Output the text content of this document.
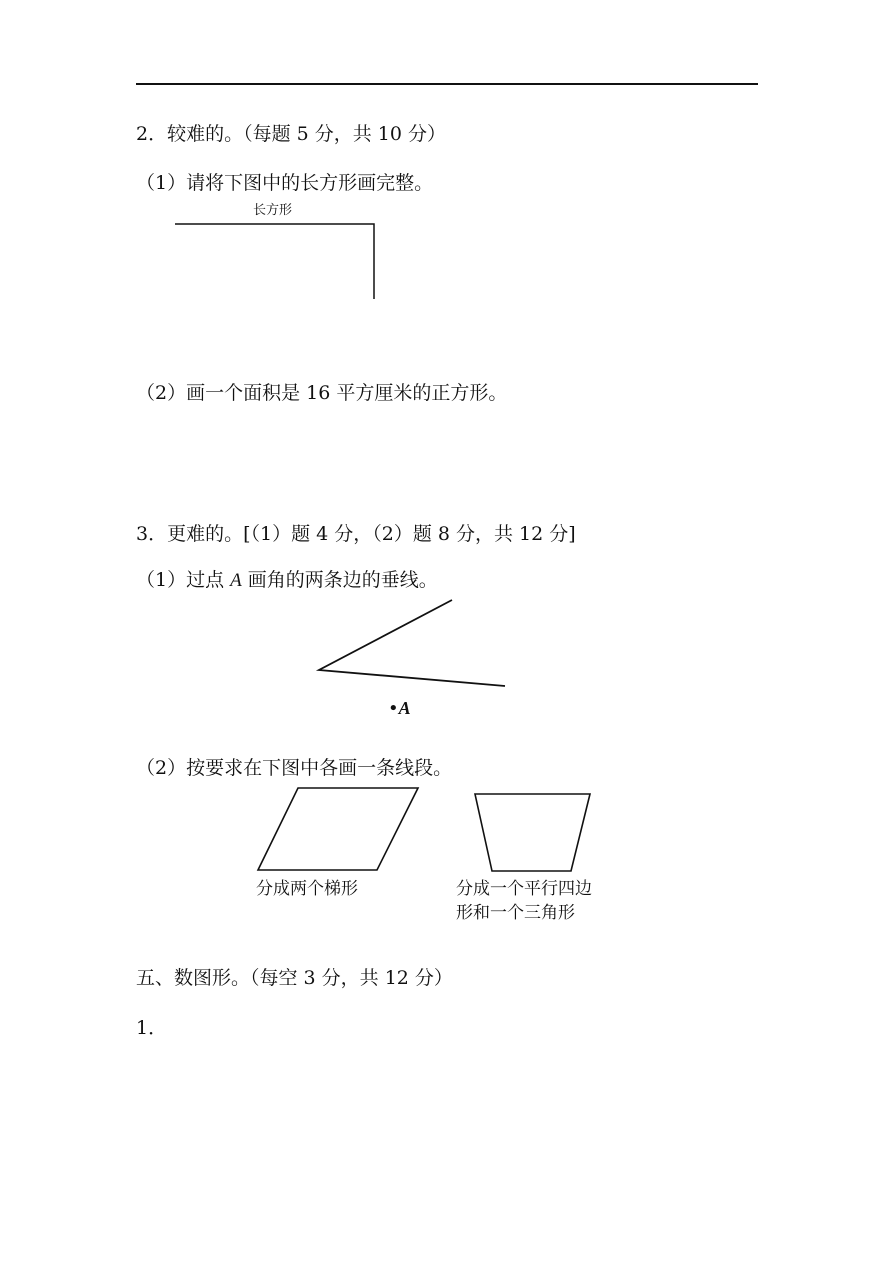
2．较难的。（每题 5 分，共 10 分）
（1）请将下图中的长方形画完整。
长方形
（2）画一个面积是 16 平方厘米的正方形。
3．更难的。[（1）题 4 分，（2）题 8 分，共 12 分]
（1）过点 A 画角的两条边的垂线。
•A
（2）按要求在下图中各画一条线段。
分成两个梯形	分成一个平行四边
形和一个三角形
五、数图形。（每空 3 分，共 12 分）
1．
